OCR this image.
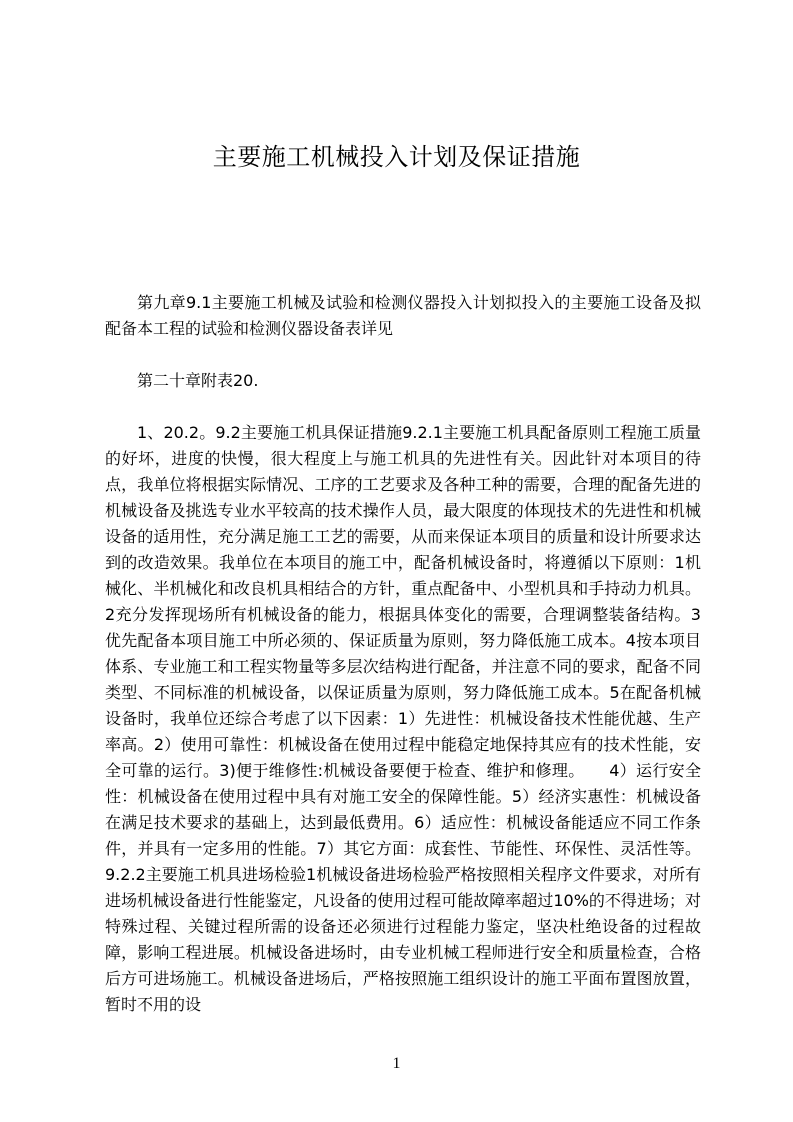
主要施工机械投入计划及保证措施

第九章9.1主要施工机械及试验和检测仪器投入计划拟投入的主要施工设备及拟配备本工程的试验和检测仪器设备表详见

第二十章附表20.

1、20.2。9.2主要施工机具保证措施9.2.1主要施工机具配备原则工程施工质量的好坏，进度的快慢，很大程度上与施工机具的先进性有关。因此针对本项目的待点，我单位将根据实际情况、工序的工艺要求及各种工种的需要，合理的配备先进的机械设备及挑选专业水平较高的技术操作人员，最大限度的体现技术的先进性和机械设备的适用性，充分满足施工工艺的需要，从而来保证本项目的质量和设计所要求达到的改造效果。我单位在本项目的施工中，配备机械设备时，将遵循以下原则：1机械化、半机械化和改良机具相结合的方针，重点配备中、小型机具和手持动力机具。2充分发挥现场所有机械设备的能力，根据具体变化的需要，合理调整装备结构。3优先配备本项目施工中所必须的、保证质量为原则，努力降低施工成本。4按本项目体系、专业施工和工程实物量等多层次结构进行配备，并注意不同的要求，配备不同类型、不同标准的机械设备，以保证质量为原则，努力降低施工成本。5在配备机械设备时，我单位还综合考虑了以下因素：1）先进性：机械设备技术性能优越、生产率高。2）使用可靠性：机械设备在使用过程中能稳定地保持其应有的技术性能，安全可靠的运行。3)便于维修性:机械设备要便于检查、维护和修理。　　4）运行安全性：机械设备在使用过程中具有对施工安全的保障性能。5）经济实惠性：机械设备在满足技术要求的基础上，达到最低费用。6）适应性：机械设备能适应不同工作条件，并具有一定多用的性能。7）其它方面：成套性、节能性、环保性、灵活性等。9.2.2主要施工机具进场检验1机械设备进场检验严格按照相关程序文件要求，对所有进场机械设备进行性能鉴定，凡设备的使用过程可能故障率超过10%的不得进场；对特殊过程、关键过程所需的设备还必须进行过程能力鉴定，坚决杜绝设备的过程故障，影响工程进展。机械设备进场时，由专业机械工程师进行安全和质量检查，合格后方可进场施工。机械设备进场后，严格按照施工组织设计的施工平面布置图放置，暂时不用的设

1
